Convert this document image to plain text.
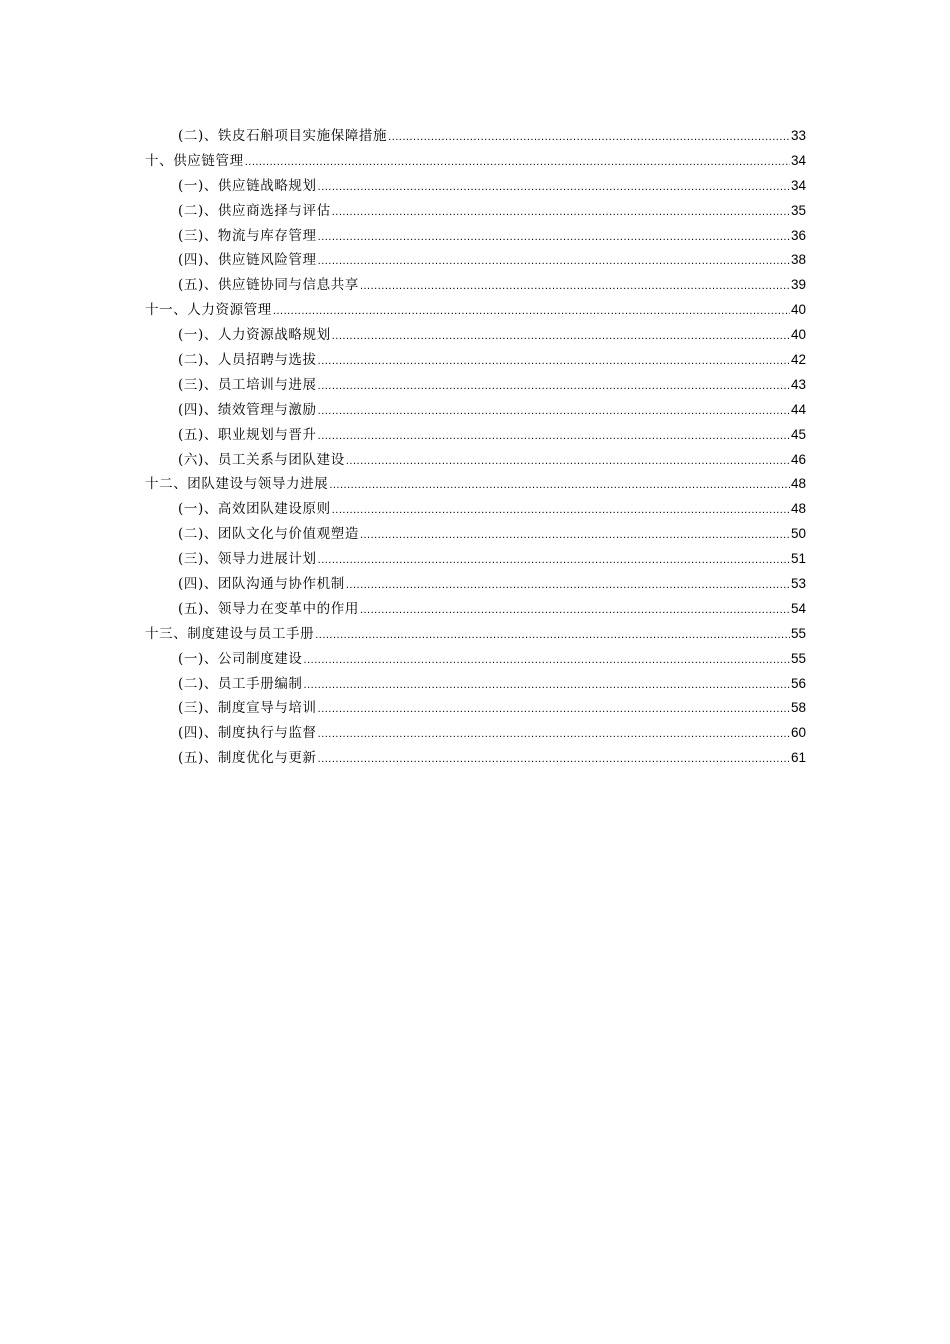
(二)、铁皮石斛项目实施保障措施 .....	33
十、供应链管理 .....	34
(一)、供应链战略规划 .....	34
(二)、供应商选择与评估 .....	35
(三)、物流与库存管理 .....	36
(四)、供应链风险管理 .....	38
(五)、供应链协同与信息共享 .....	39
十一、人力资源管理 .....	40
(一)、人力资源战略规划 .....	40
(二)、人员招聘与选拔 .....	42
(三)、员工培训与进展 .....	43
(四)、绩效管理与激励 .....	44
(五)、职业规划与晋升 .....	45
(六)、员工关系与团队建设 .....	46
十二、团队建设与领导力进展 .....	48
(一)、高效团队建设原则 .....	48
(二)、团队文化与价值观塑造 .....	50
(三)、领导力进展计划 .....	51
(四)、团队沟通与协作机制 .....	53
(五)、领导力在变革中的作用 .....	54
十三、制度建设与员工手册 .....	55
(一)、公司制度建设 .....	55
(二)、员工手册编制 .....	56
(三)、制度宣导与培训 .....	58
(四)、制度执行与监督 .....	60
(五)、制度优化与更新 .....	61
